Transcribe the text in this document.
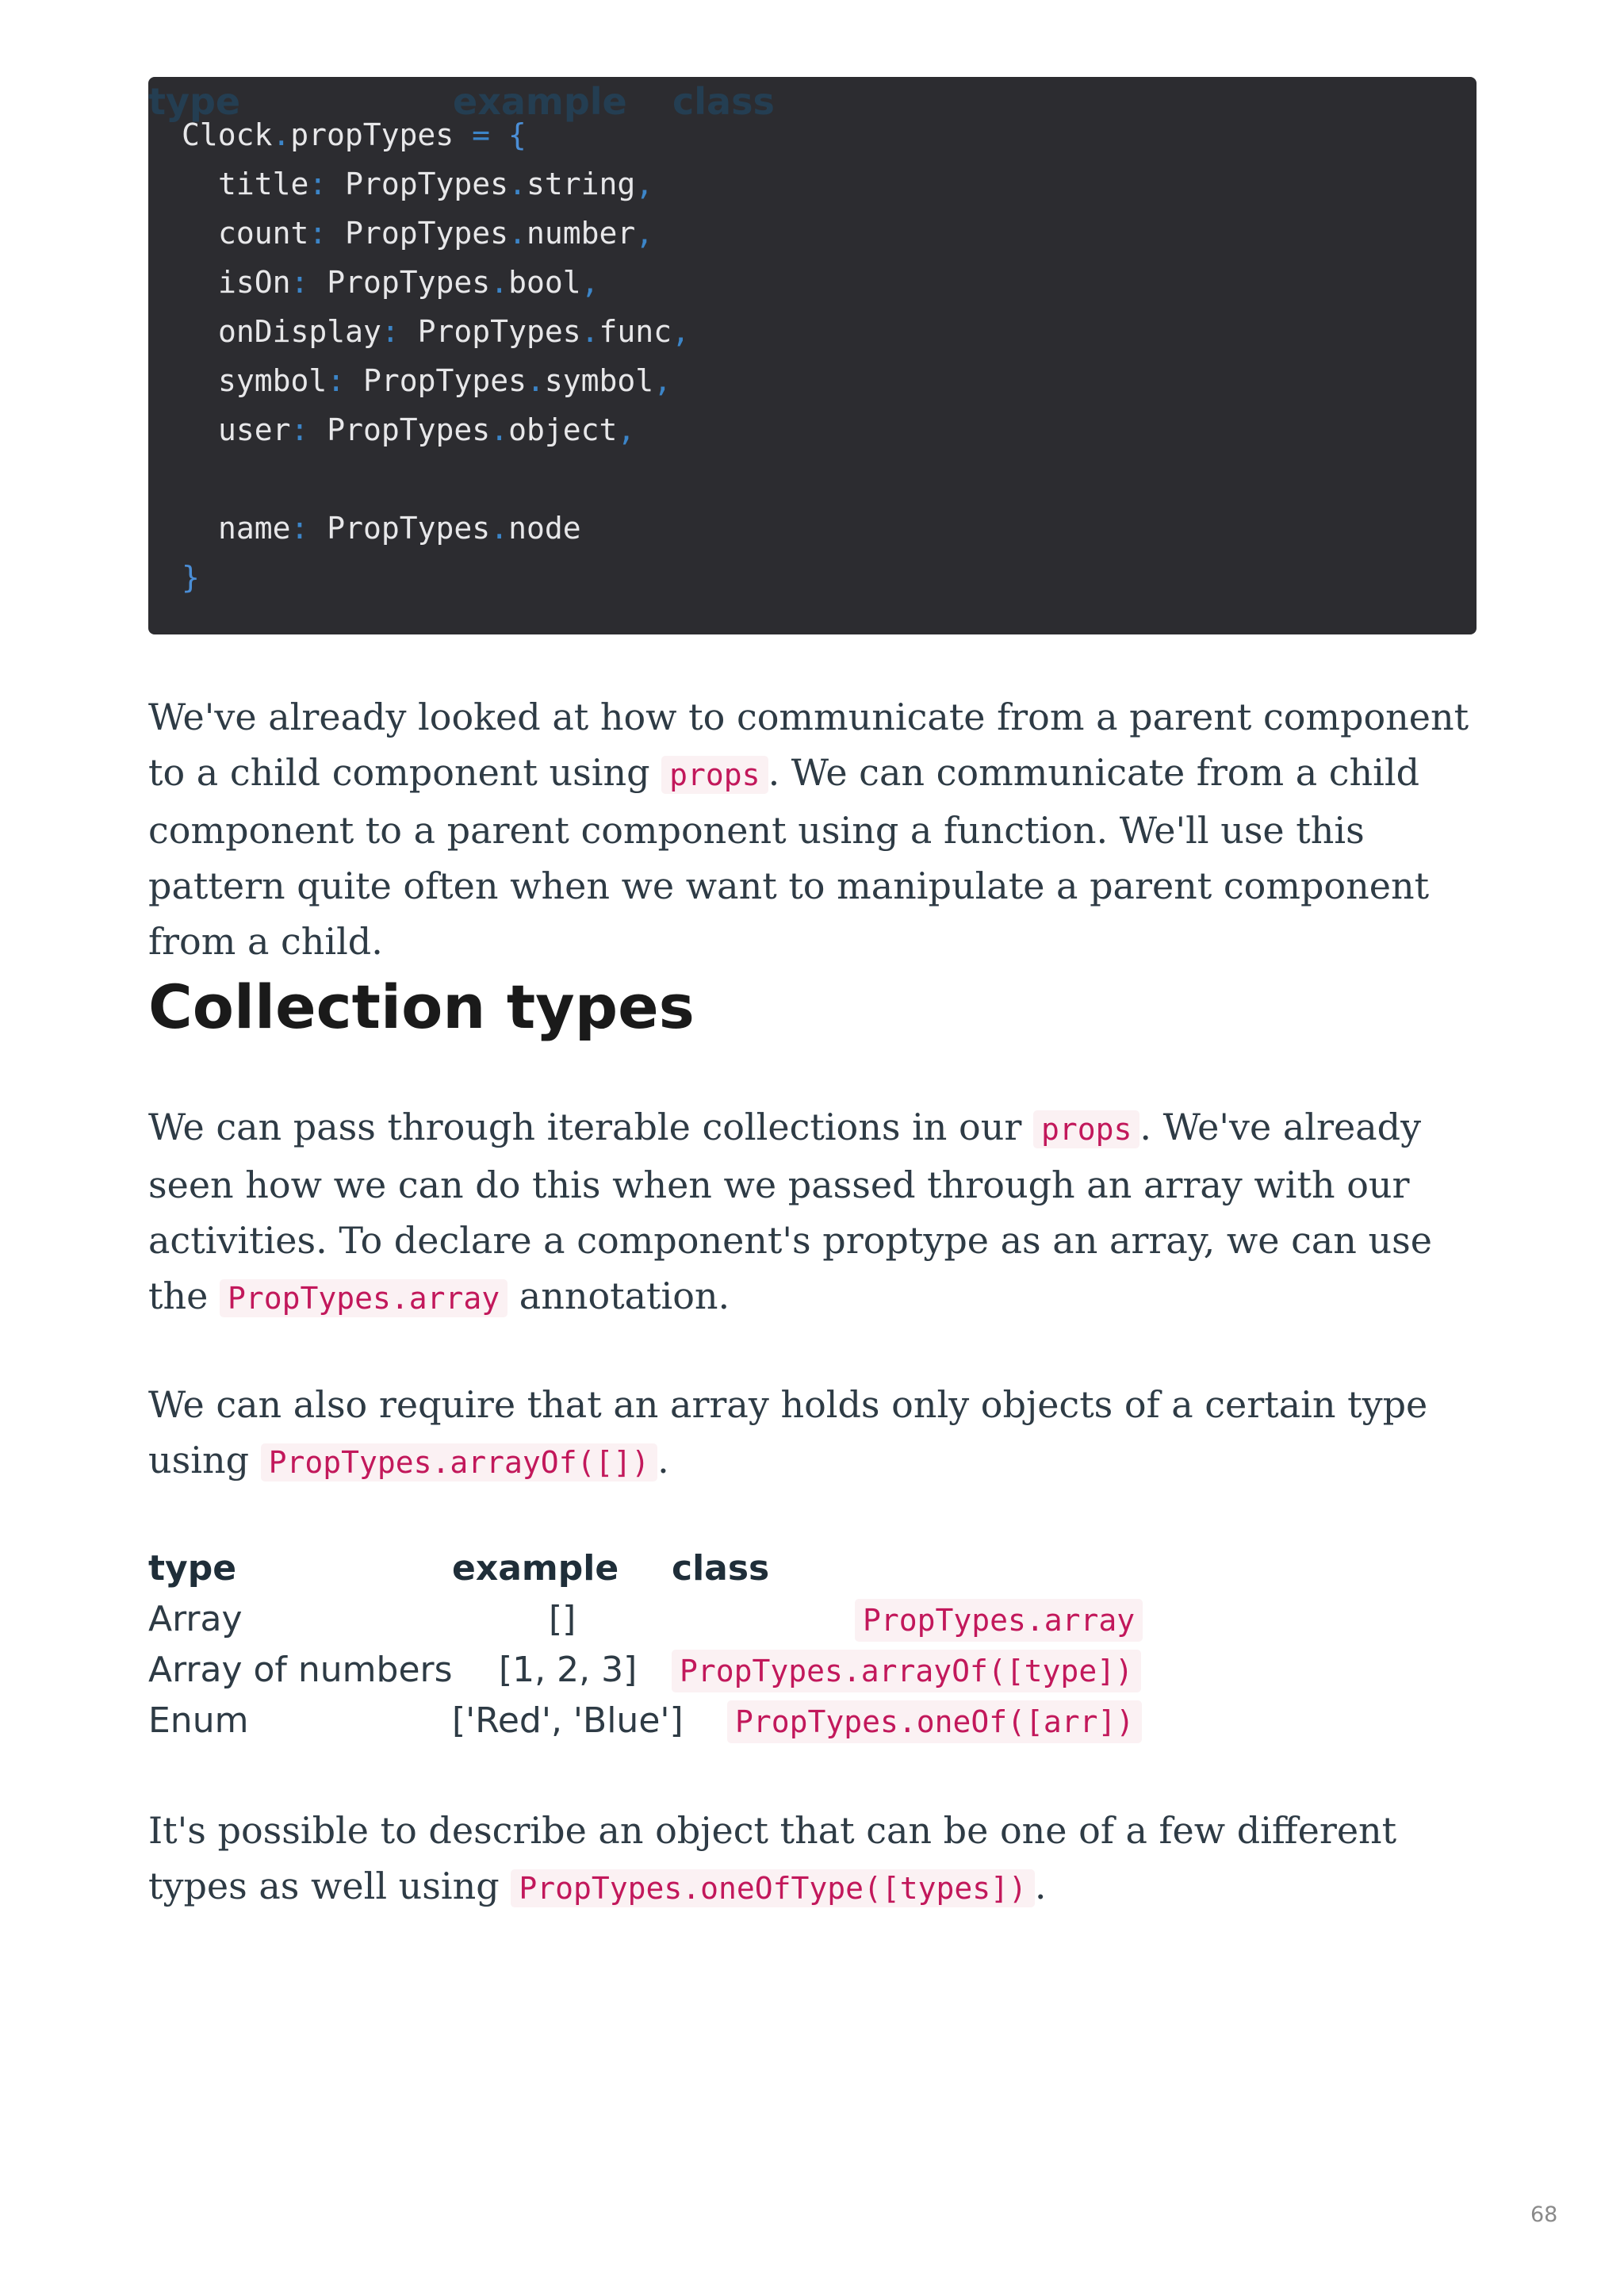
type	example class
Clock.propTypes = {
title: PropTypes.string,
count: PropTypes.number,
isOn: PropTypes.bool,
onDisplay: PropTypes.func,
symbol: PropTypes.symbol,
user: PropTypes.object,
name: PropTypes.node
}

We've already looked at how to communicate from a parent component to a child component using props . We can communicate from a child component to a parent component using a function. We'll use this pattern quite often when we want to manipulate a parent component from a child.

Collection types

We can pass through iterable collections in our props . We've already seen how we can do this when we passed through an array with our activities. To declare a component's proptype as an array, we can use the PropTypes.array annotation.

We can also require that an array holds only objects of a certain type using PropTypes.arrayOf([]) .

type	example class
Array	[]	PropTypes.array
Array of numbers [1, 2, 3] PropTypes.arrayOf([type])
Enum	['Red', 'Blue'] PropTypes.oneOf([arr])

It's possible to describe an object that can be one of a few different types as well using PropTypes.oneOfType([types]) .

68
